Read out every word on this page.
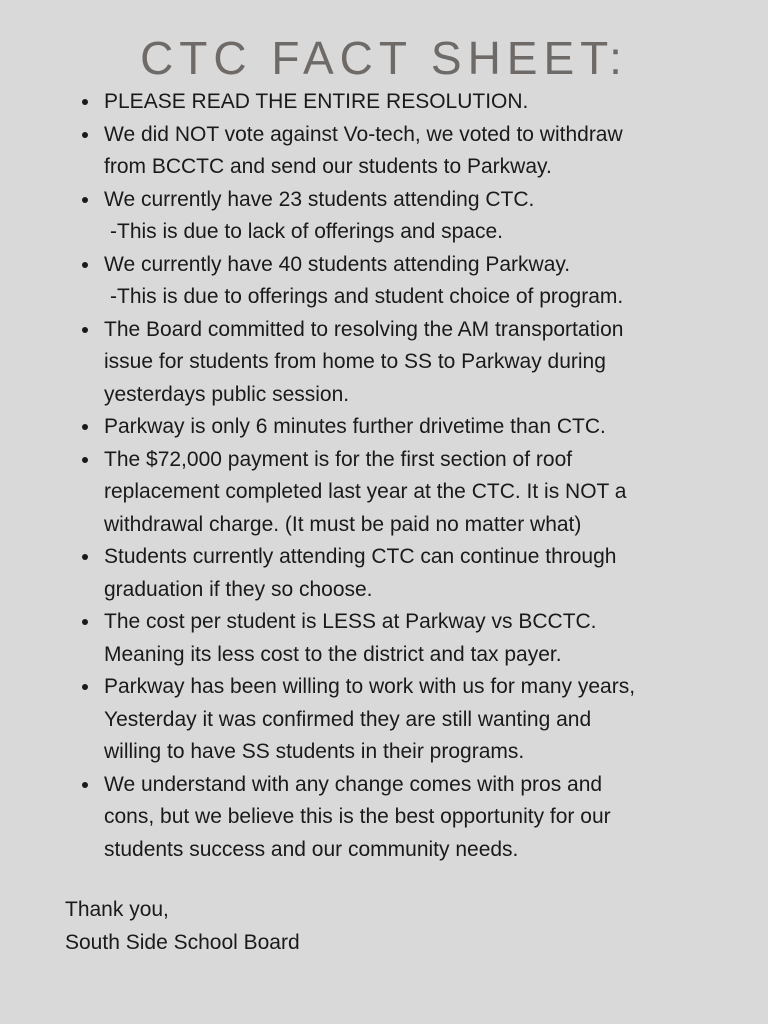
CTC FACT SHEET:
PLEASE READ THE ENTIRE RESOLUTION.
We did NOT vote against Vo-tech, we voted to withdraw
from BCCTC and send our students to Parkway.
We currently have 23 students attending CTC.
-This is due to lack of offerings and space.
We currently have 40 students attending Parkway.
-This is due to offerings and student choice of program.
The Board committed to resolving the AM transportation
issue for students from home to SS to Parkway during
yesterdays public session.
Parkway is only 6 minutes further drivetime than CTC.
The $72,000 payment is for the first section of roof
replacement completed last year at the CTC. It is NOT a
withdrawal charge. (It must be paid no matter what)
Students currently attending CTC can continue through
graduation if they so choose.
The cost per student is LESS at Parkway vs BCCTC.
Meaning its less cost to the district and tax payer.
Parkway has been willing to work with us for many years,
Yesterday it was confirmed they are still wanting and
willing to have SS students in their programs.
We understand with any change comes with pros and
cons, but we believe this is the best opportunity for our
students success and our community needs.
Thank you,
South Side School Board
